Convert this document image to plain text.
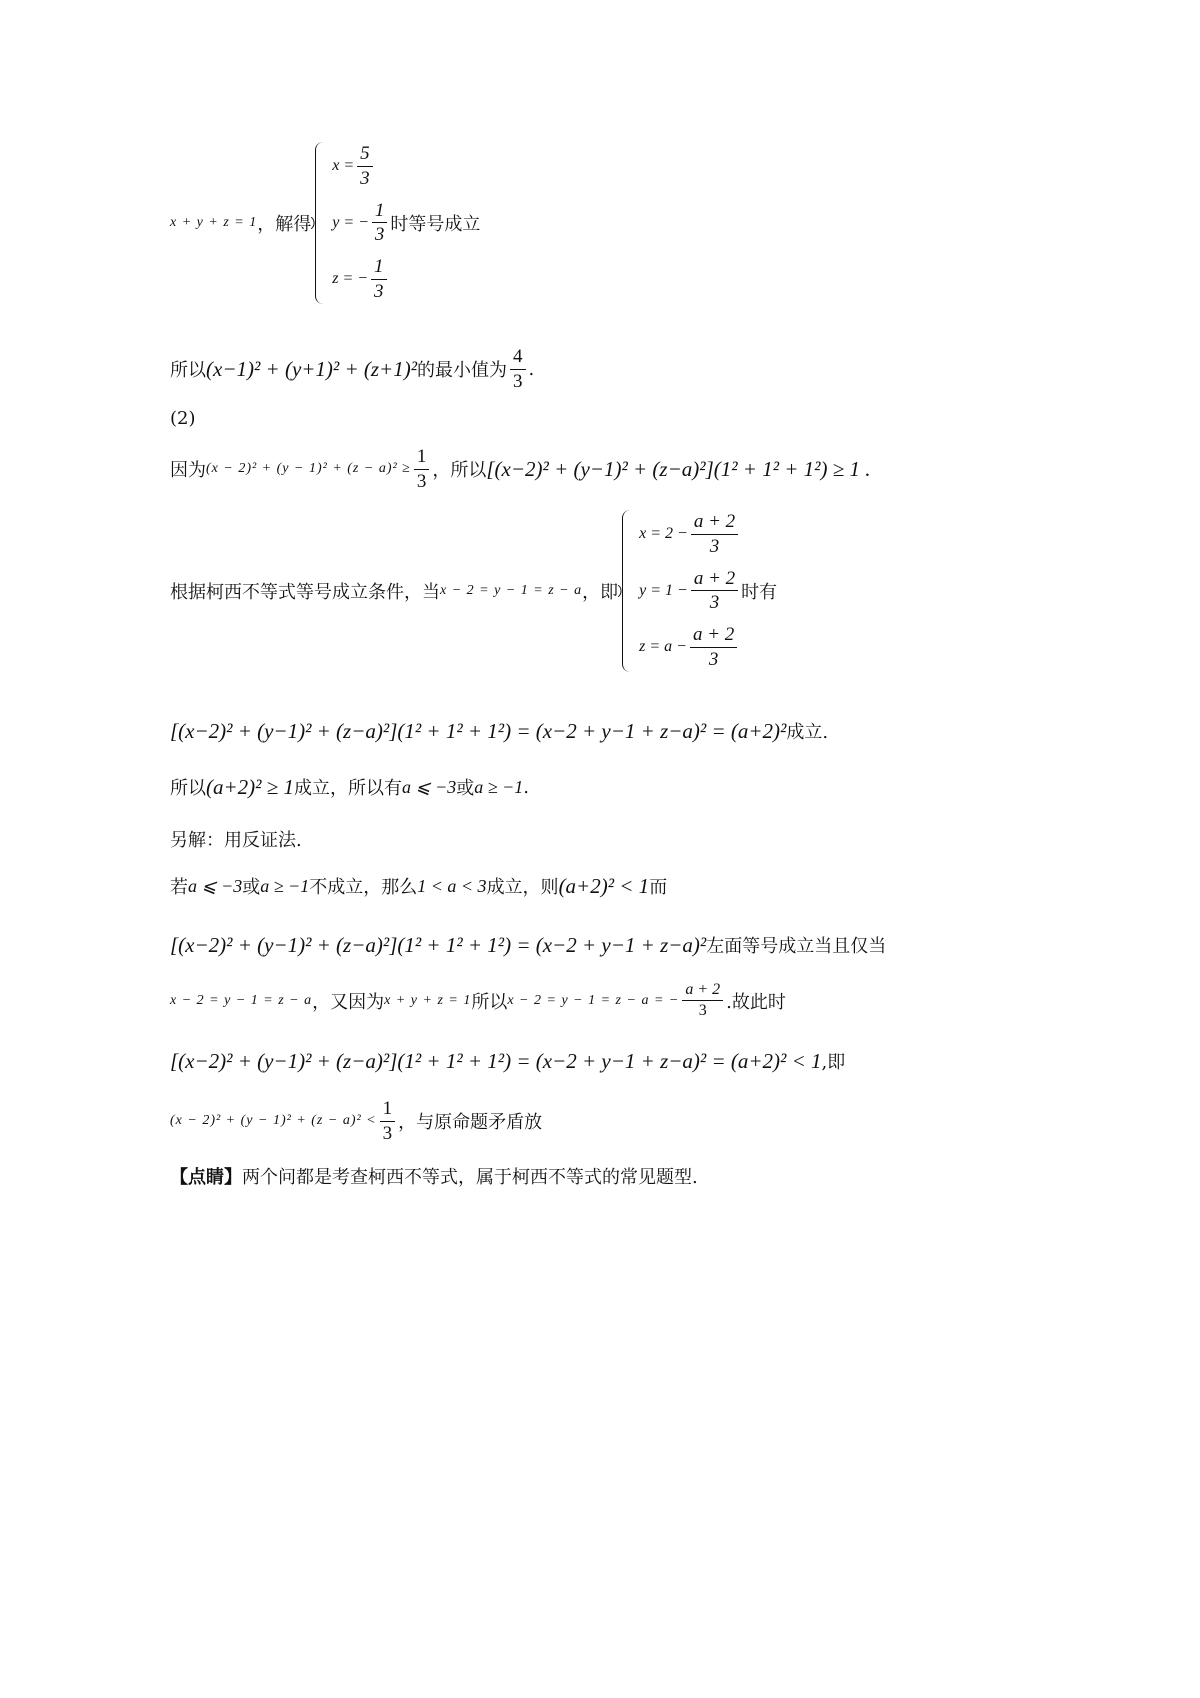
x + y + z = 1 ，解得
$x = \frac{5}{3}$
y = − $\frac{1}{3}$ 时等号成立
z = − $\frac{1}{3}$
所以 (x−1)² + (y+1)² + (z+1)² 的最小值为 $\frac{4}{3}$ .
(2)
因为 $(x - 2)^2 + (y - 1)^2 + (z - a)^2 \ge \frac{1}{3}$ ，所以 [(x−2)² + (y−1)² + (z−a)²](1² + 1² + 1²) ≥ 1 .
根据柯西不等式等号成立条件，当 x − 2 = y − 1 = z − a ，即
$x = 2 - \frac{a + 2}{3}$
$y = 1 - \frac{a + 2}{3}$ 时有
$z = a - \frac{a + 2}{3}$
[(x−2)² + (y−1)² + (z−a)²](1² + 1² + 1²) = (x−2 + y−1 + z−a)² = (a+2)² 成立.
所以 (a+2)² ≥ 1 成立，所以有 a ⩽ −3 或 a ≥ −1 .
另解：用反证法.
若 a ⩽ −3 或 a ≥ −1 不成立，那么 1 < a < 3 成立，则 (a+2)² < 1 而
[(x−2)² + (y−1)² + (z−a)²](1² + 1² + 1²) = (x−2 + y−1 + z−a)² 左面等号成立当且仅当
x − 2 = y − 1 = z − a ，又因为 x + y + z = 1 所以 x − 2 = y − 1 = z − a = − $\frac{a + 2}{3}$ .故此时
[(x−2)² + (y−1)² + (z−a)²](1² + 1² + 1²) = (x−2 + y−1 + z−a)² = (a+2)² < 1 ,即
$(x - 2)^2 + (y - 1)^2 + (z - a)^2 < \frac{1}{3}$ ，与原命题矛盾放
【点睛】 两个问都是考查柯西不等式，属于柯西不等式的常见题型.
